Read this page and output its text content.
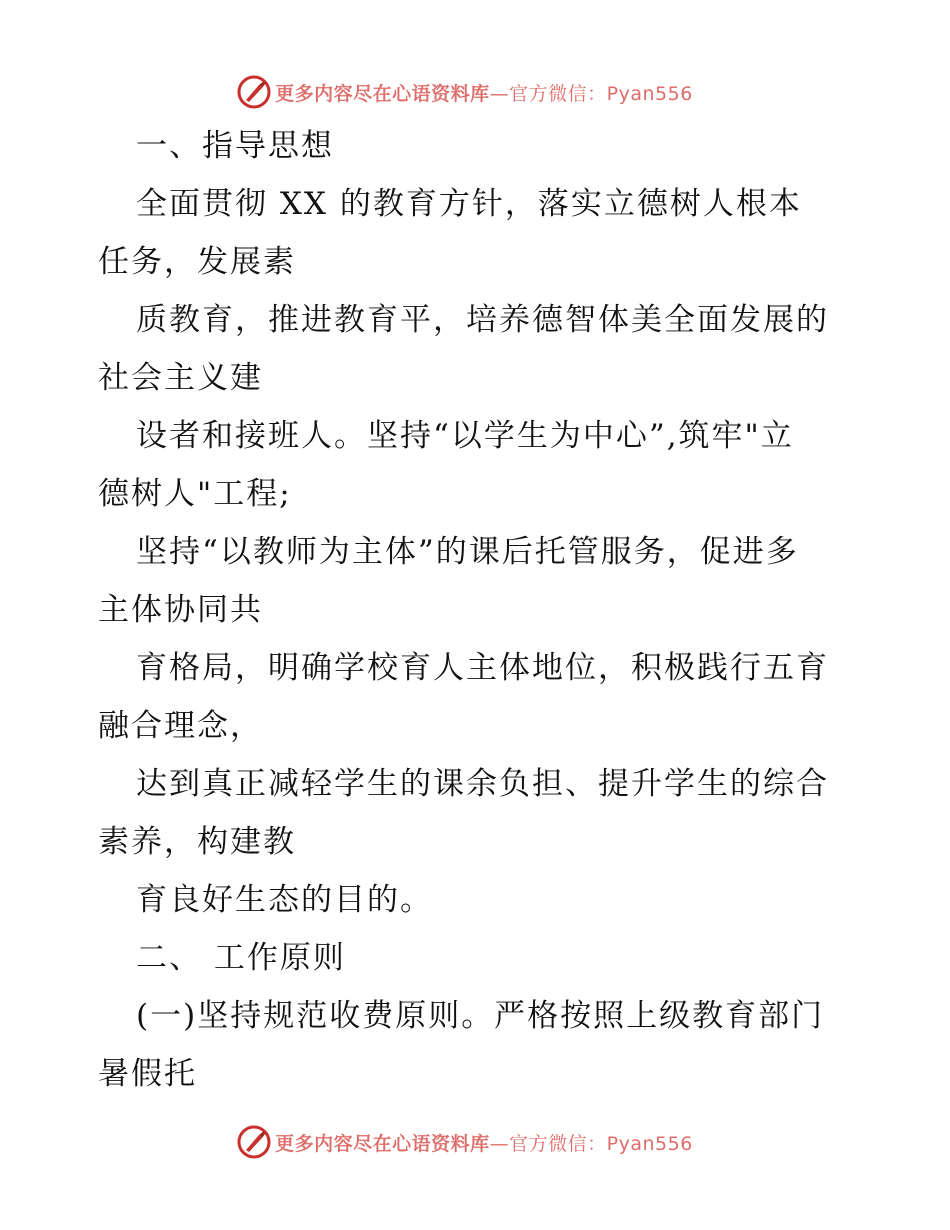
更多内容尽在心语资料库—官方微信：Pyan556
一、指导思想
全面贯彻 XX 的教育方针，落实立德树人根本
任务，发展素
质教育，推进教育平，培养德智体美全面发展的
社会主义建
设者和接班人。坚持“以学生为中心”,筑牢"立
德树人"工程;
坚持“以教师为主体”的课后托管服务，促进多
主体协同共
育格局，明确学校育人主体地位，积极践行五育
融合理念，
达到真正减轻学生的课余负担、提升学生的综合
素养，构建教
育良好生态的目的。
二、 工作原则
(一)坚持规范收费原则。严格按照上级教育部门
暑假托
更多内容尽在心语资料库—官方微信：Pyan556
